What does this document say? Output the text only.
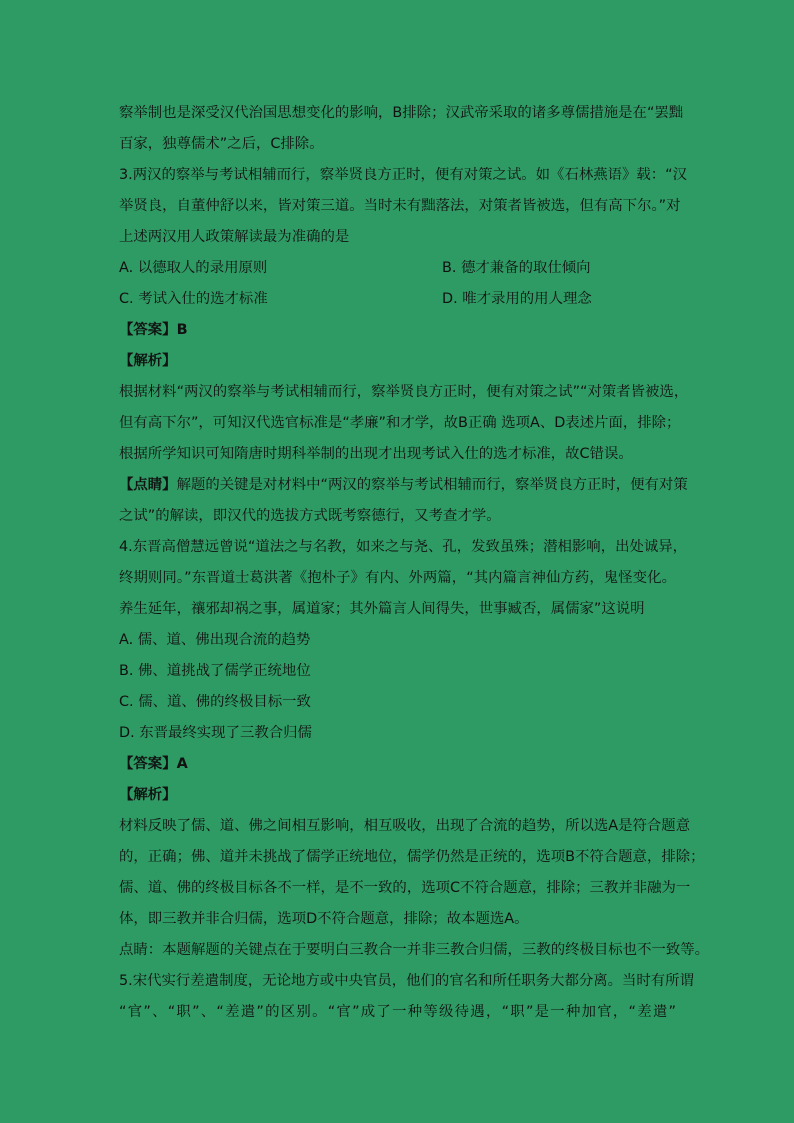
察举制也是深受汉代治国思想变化的影响，B排除；汉武帝采取的诸多尊儒措施是在“罢黜
百家，独尊儒术”之后，C排除。
3.两汉的察举与考试相辅而行，察举贤良方正时，便有对策之试。如《石林燕语》载：“汉
举贤良，自董仲舒以来，皆对策三道。当时未有黜落法，对策者皆被选，但有高下尔。”对
上述两汉用人政策解读最为准确的是
A. 以德取人的录用原则	B. 德才兼备的取仕倾向
C. 考试入仕的选才标准	D. 唯才录用的用人理念
【答案】B
【解析】
根据材料“两汉的察举与考试相辅而行，察举贤良方正时，便有对策之试”“对策者皆被选，
但有高下尔”，可知汉代选官标准是“孝廉”和才学，故B正确 选项A、D表述片面，排除；
根据所学知识可知隋唐时期科举制的出现才出现考试入仕的选才标准，故C错误。
【点睛】解题的关键是对材料中“两汉的察举与考试相辅而行，察举贤良方正时，便有对策
之试”的解读，即汉代的选拔方式既考察德行，又考查才学。
4.东晋高僧慧远曾说“道法之与名教，如来之与尧、孔，发致虽殊；潜相影响，出处诚异，
终期则同。”东晋道士葛洪著《抱朴子》有内、外两篇，“其内篇言神仙方药，鬼怪变化。
养生延年，禳邪却祸之事，属道家；其外篇言人间得失，世事臧否，属儒家”这说明
A. 儒、道、佛出现合流的趋势
B. 佛、道挑战了儒学正统地位
C. 儒、道、佛的终极目标一致
D. 东晋最终实现了三教合归儒
【答案】A
【解析】
材料反映了儒、道、佛之间相互影响，相互吸收，出现了合流的趋势，所以选A是符合题意
的，正确；佛、道并未挑战了儒学正统地位，儒学仍然是正统的，选项B不符合题意，排除；
儒、道、佛的终极目标各不一样，是不一致的，选项C不符合题意，排除；三教并非融为一
体，即三教并非合归儒，选项D不符合题意，排除；故本题选A。
点睛：本题解题的关键点在于要明白三教合一并非三教合归儒，三教的终极目标也不一致等。
5.宋代实行差遣制度，无论地方或中央官员，他们的官名和所任职务大都分离。当时有所谓
“官”、“职”、“差遣”的区别。“官”成了一种等级待遇，“职”是一种加官，“差遣”
